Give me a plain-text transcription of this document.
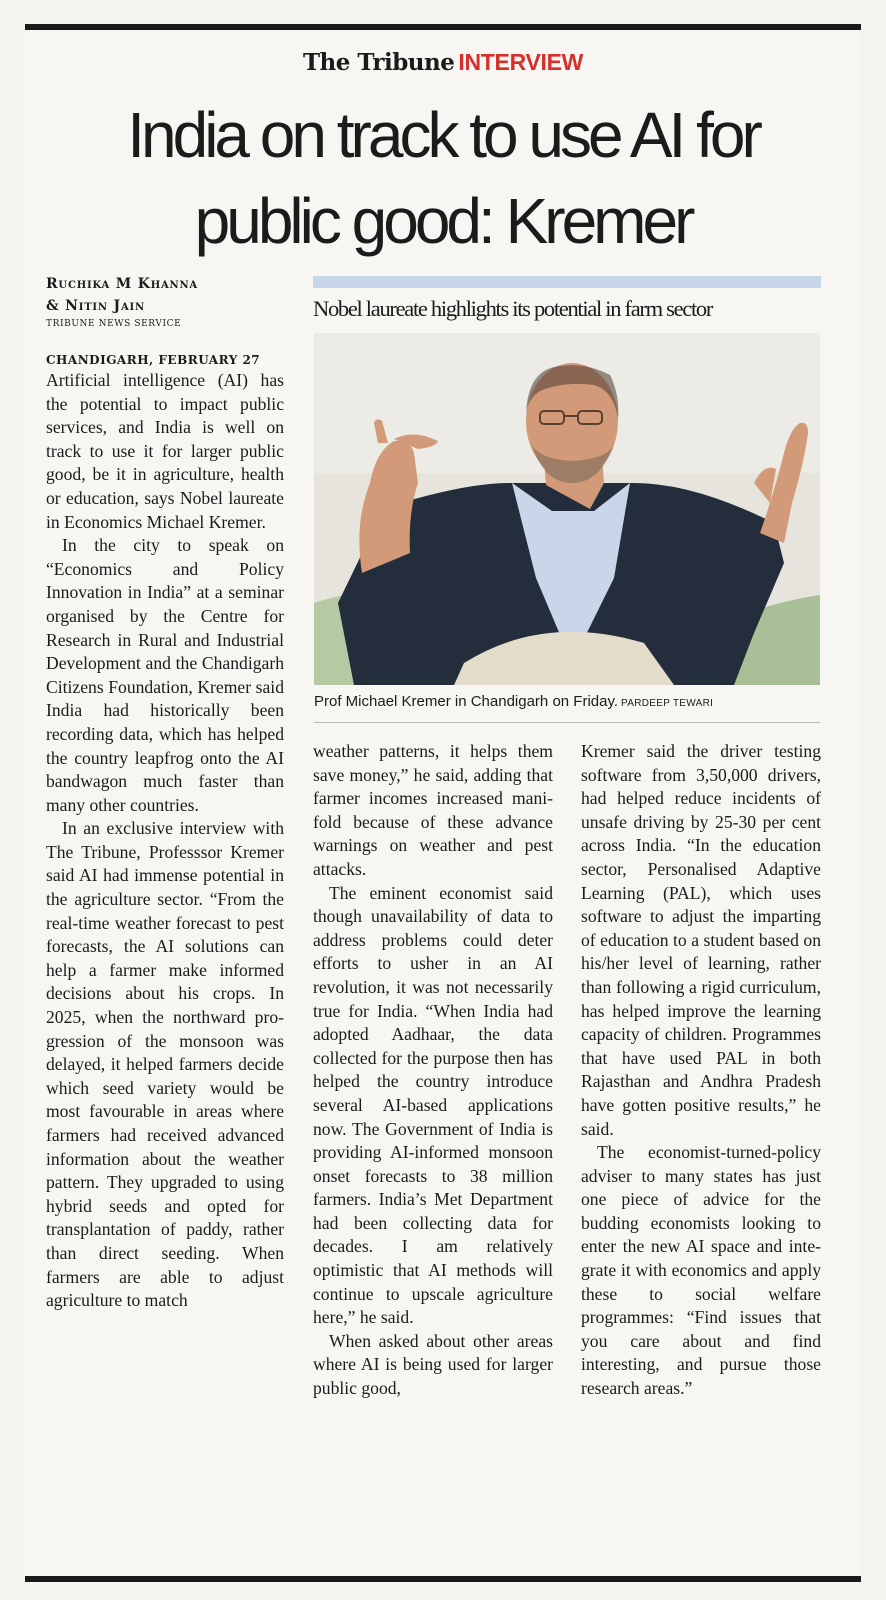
The Tribune INTERVIEW
India on track to use AI for
public good: Kremer
Ruchika M Khanna
& Nitin Jain
TRIBUNE NEWS SERVICE
Nobel laureate highlights its potential in farm sector
Prof Michael Kremer in Chandigarh on Friday. PARDEEP TEWARI
CHANDIGARH, FEBRUARY 27

Artificial intelligence (AI) has the potential to impact public services, and India is well on track to use it for larger public good, be it in agriculture, health or education, says Nobel laureate in Economics Michael Kremer.

In the city to speak on “Economics and Policy Innovation in India” at a seminar organised by the Centre for Research in Rural and Industrial Development and the Chandigarh Citizens Foundation, Kremer said India had historically been recording data, which has helped the country leapfrog onto the AI bandwagon much faster than many other countries.

In an exclusive interview with The Tribune, Professsor Kremer said AI had immense potential in the agriculture sector. “From the real-time weather forecast to pest forecasts, the AI solutions can help a farmer make informed decisions about his crops. In 2025, when the northward progression of the monsoon was delayed, it helped farmers decide which seed variety would be most favourable in areas where farmers had received advanced information about the weather pattern. They upgraded to using hybrid seeds and opted for transplantation of paddy, rather than direct seeding. When farmers are able to adjust agriculture to match

weather patterns, it helps them save money,” he said, adding that farmer incomes increased manifold because of these advance warnings on weather and pest attacks.

The eminent economist said though unavailability of data to address problems could deter efforts to usher in an AI revolution, it was not necessarily true for India. “When India had adopted Aadhaar, the data collected for the purpose then has helped the country introduce several AI-based applications now. The Government of India is providing AI-informed monsoon onset forecasts to 38 million farmers. India’s Met Department had been collecting data for decades. I am relatively optimistic that AI methods will continue to upscale agriculture here,” he said.

When asked about other areas where AI is being used for larger public good,

Kremer said the driver testing software from 3,50,000 drivers, had helped reduce incidents of unsafe driving by 25-30 per cent across India. “In the education sector, Personalised Adaptive Learning (PAL), which uses software to adjust the imparting of education to a student based on his/her level of learning, rather than following a rigid curriculum, has helped improve the learning capacity of children. Programmes that have used PAL in both Rajasthan and Andhra Pradesh have gotten positive results,” he said.

The economist-turned-policy adviser to many states has just one piece of advice for the budding economists looking to enter the new AI space and integrate it with economics and apply these to social welfare programmes: “Find issues that you care about and find interesting, and pursue those research areas.”
